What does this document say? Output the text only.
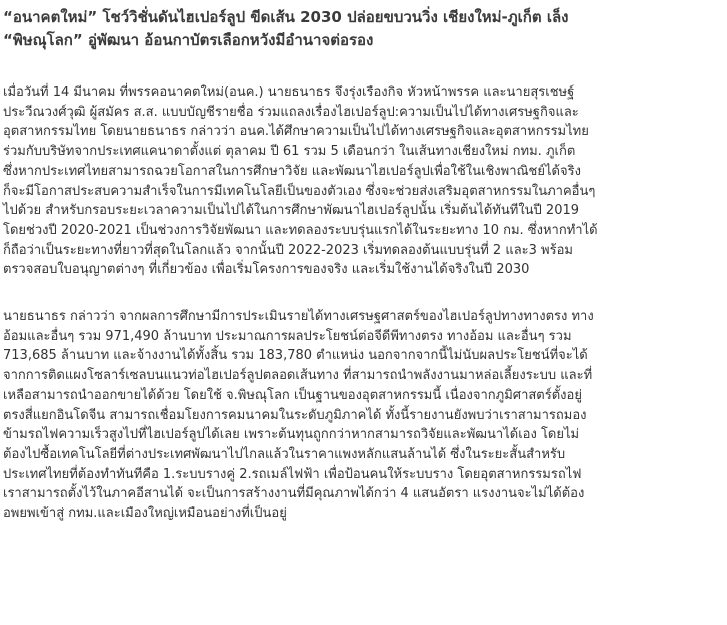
“อนาคตใหม่” โชว์วิชั่นดันไฮเปอร์ลูป ขีดเส้น 2030 ปล่อยขบวนวิ่ง เชียงใหม่-ภูเก็ต เล็ง
“พิษณุโลก” อู่พัฒนา อ้อนกาบัตรเลือกหวังมีอำนาจต่อรอง

เมื่อวันที่ 14 มีนาคม ที่พรรคอนาคตใหม่(อนค.) นายธนาธร จึงรุ่งเรืองกิจ หัวหน้าพรรค และนายสุรเชษฐ์
ประวีณวงศ์วุฒิ ผู้สมัคร ส.ส. แบบบัญชีรายชื่อ ร่วมแถลงเรื่องไฮเปอร์ลูป:ความเป็นไปได้ทางเศรษฐกิจและ
อุตสาหกรรมไทย โดยนายธนาธร กล่าวว่า อนค.ได้ศึกษาความเป็นไปได้ทางเศรษฐกิจและอุตสาหกรรมไทย
ร่วมกับบริษัทจากประเทศแคนาดาตั้งแต่ ตุลาคม ปี 61 รวม 5 เดือนกว่า ในเส้นทางเชียงใหม่ กทม. ภูเก็ต
ซึ่งหากประเทศไทยสามารถฉวยโอกาสในการศึกษาวิจัย และพัฒนาไฮเปอร์ลูปเพื่อใช้ในเชิงพาณิชย์ได้จริง
ก็จะมีโอกาสประสบความสำเร็จในการมีเทคโนโลยีเป็นของตัวเอง ซึ่งจะช่วยส่งเสริมอุตสาหกรรมในภาคอื่นๆ
ไปด้วย สำหรับกรอบระยะเวลาความเป็นไปได้ในการศึกษาพัฒนาไฮเปอร์ลูปนั้น เริ่มต้นได้ทันทีในปี 2019
โดยช่วงปี 2020-2021 เป็นช่วงการวิจัยพัฒนา และทดลองระบบรุ่นแรกได้ในระยะทาง 10 กม. ซึ่งหากทำได้
ก็ถือว่าเป็นระยะทางที่ยาวที่สุดในโลกแล้ว จากนั้นปี 2022-2023 เริ่มทดลองต้นแบบรุ่นที่ 2 และ3 พร้อม
ตรวจสอบใบอนุญาตต่างๆ ที่เกี่ยวข้อง เพื่อเริ่มโครงการของจริง และเริ่มใช้งานได้จริงในปี 2030

นายธนาธร กล่าวว่า จากผลการศึกษามีการประเมินรายได้ทางเศรษฐศาสตร์ของไฮเปอร์ลูปทางทางตรง ทาง
อ้อมและอื่นๆ รวม 971,490 ล้านบาท ประมาณการผลประโยชน์ต่อจีดีพีทางตรง ทางอ้อม และอื่นๆ รวม
713,685 ล้านบาท และจ้างงานได้ทั้งสิ้น รวม 183,780 ตำแหน่ง นอกจากจากนี้ไม่นับผลประโยชน์ที่จะได้
จากการติดแผงโซลาร์เซลบนแนวท่อไฮเปอร์ลูปตลอดเส้นทาง ที่สามารถนำพลังงานมาหล่อเลี้ยงระบบ และที่
เหลือสามารถนำออกขายได้ด้วย โดยใช้ จ.พิษณุโลก เป็นฐานของอุตสาหกรรมนี้ เนื่องจากภูมิศาสตร์ตั้งอยู่
ตรงสี่แยกอินโดจีน สามารถเชื่อมโยงการคมนาคมในระดับภูมิภาคได้ ทั้งนี้รายงานยังพบว่าเราสามารถมอง
ข้ามรถไฟความเร็วสูงไปที่ไฮเปอร์ลูปได้เลย เพราะต้นทุนถูกกว่าหากสามารถวิจัยและพัฒนาได้เอง โดยไม่
ต้องไปซื้อเทคโนโลยีที่ต่างประเทศพัฒนาไปไกลแล้วในราคาแพงหลักแสนล้านได้ ซึ่งในระยะสั้นสำหรับ
ประเทศไทยที่ต้องทำทันทีคือ 1.ระบบรางคู่ 2.รถเมล์ไฟฟ้า เพื่อป้อนคนให้ระบบราง โดยอุตสาหกรรมรถไฟ
เราสามารถตั้งไว้ในภาคอีสานได้ จะเป็นการสร้างงานที่มีคุณภาพได้กว่า 4 แสนอัตรา แรงงานจะไม่ได้ต้อง
อพยพเข้าสู่ กทม.และเมืองใหญ่เหมือนอย่างที่เป็นอยู่
